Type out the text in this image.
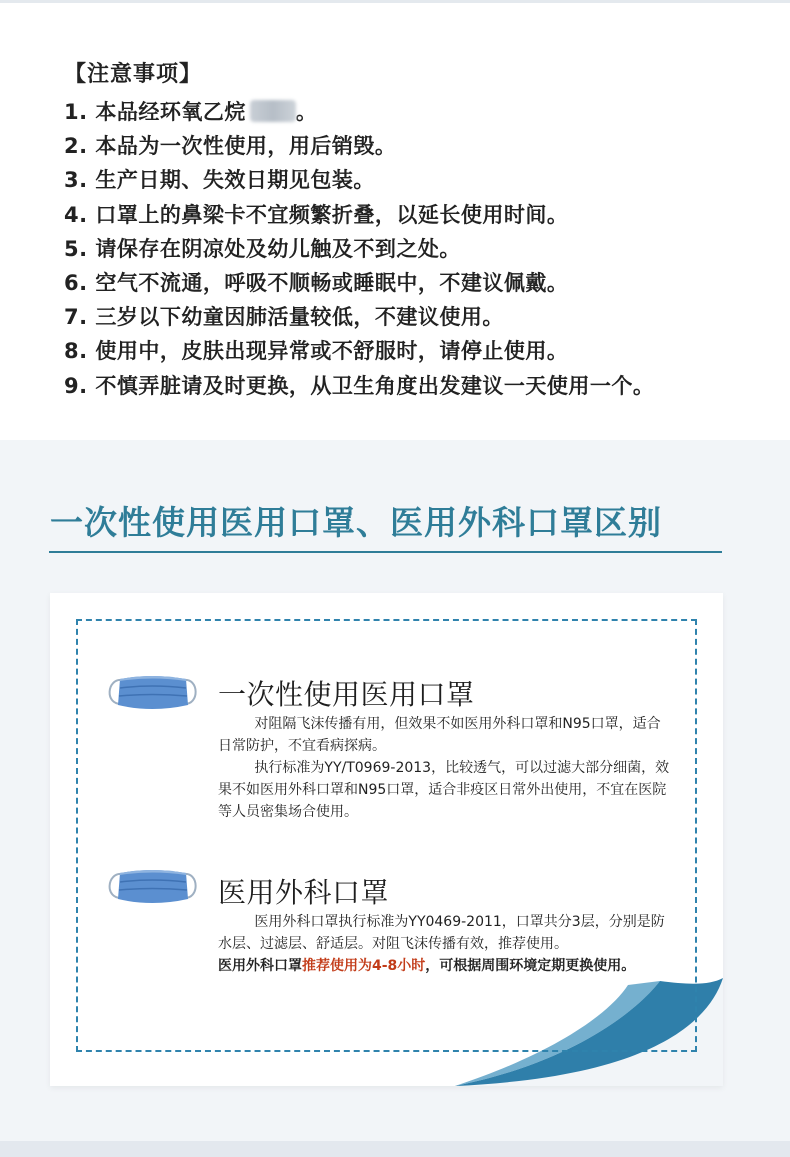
【注意事项】
1. 本品经环氧乙烷 。
2. 本品为一次性使用，用后销毁。
3. 生产日期、失效日期见包装。
4. 口罩上的鼻梁卡不宜频繁折叠，以延长使用时间。
5. 请保存在阴凉处及幼儿触及不到之处。
6. 空气不流通，呼吸不顺畅或睡眠中，不建议佩戴。
7. 三岁以下幼童因肺活量较低，不建议使用。
8. 使用中，皮肤出现异常或不舒服时，请停止使用。
9. 不慎弄脏请及时更换，从卫生角度出发建议一天使用一个。
一次性使用医用口罩、医用外科口罩区别
一次性使用医用口罩

对阻隔飞沫传播有用，但效果不如医用外科口罩和N95口罩，适合日常防护，不宜看病探病。

执行标准为YY/T0969-2013，比较透气，可以过滤大部分细菌，效果不如医用外科口罩和N95口罩，适合非疫区日常外出使用，不宜在医院等人员密集场合使用。

医用外科口罩

医用外科口罩执行标准为YY0469-2011，口罩共分3层，分别是防水层、过滤层、舒适层。对阻飞沫传播有效，推荐使用。

医用外科口罩推荐使用为4-8小时，可根据周围环境定期更换使用。
